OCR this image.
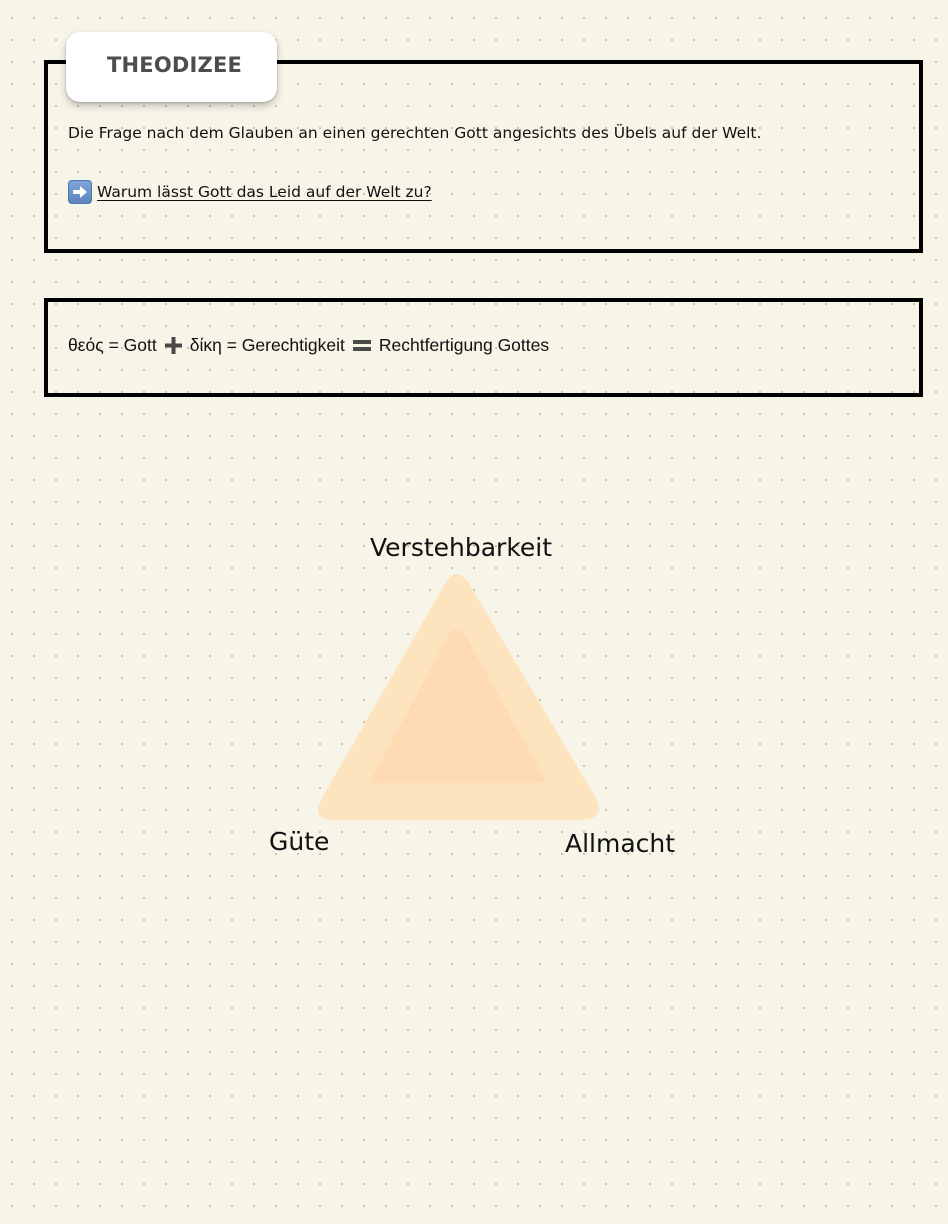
THEODIZEE
Die Frage nach dem Glauben an einen gerechten Gott angesichts des Übels auf der Welt.
Warum lässt Gott das Leid auf der Welt zu?
θεός = Gott δίκη = Gerechtigkeit Rechtfertigung Gottes
Verstehbarkeit
Güte	Allmacht
